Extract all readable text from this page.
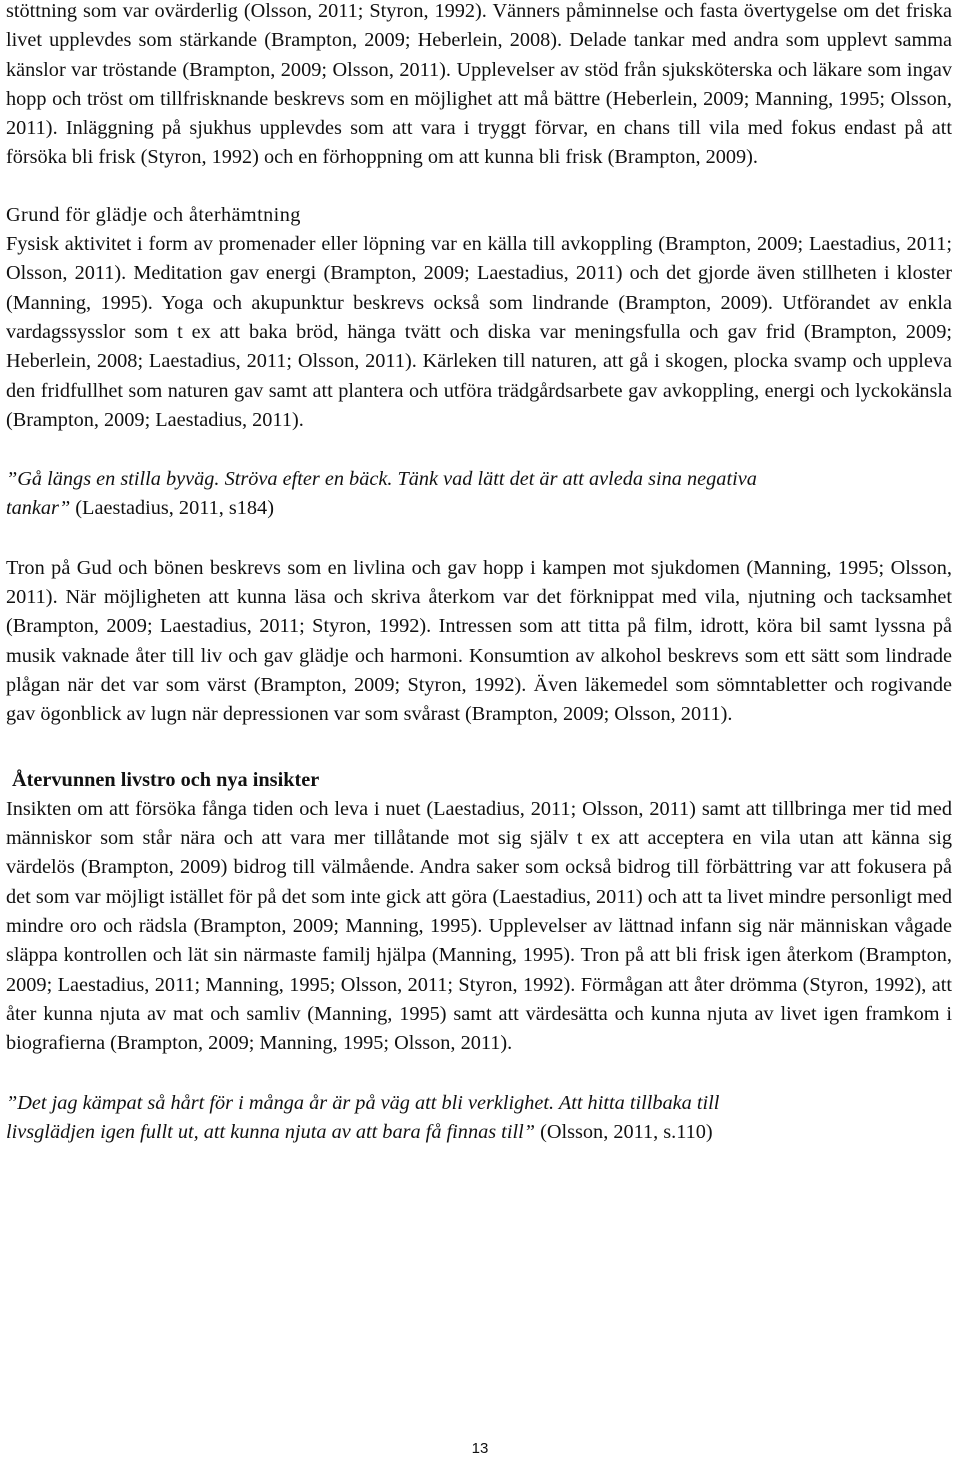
stöttning som var ovärderlig (Olsson, 2011; Styron, 1992). Vänners påminnelse och fasta övertygelse om det friska livet upplevdes som stärkande (Brampton, 2009; Heberlein, 2008). Delade tankar med andra som upplevt samma känslor var tröstande (Brampton, 2009; Olsson, 2011). Upplevelser av stöd från sjuksköterska och läkare som ingav hopp och tröst om tillfrisknande beskrevs som en möjlighet att må bättre (Heberlein, 2009; Manning, 1995; Olsson, 2011). Inläggning på sjukhus upplevdes som att vara i tryggt förvar, en chans till vila med fokus endast på att försöka bli frisk (Styron, 1992) och en förhoppning om att kunna bli frisk (Brampton, 2009).

Grund för glädje och återhämtning

Fysisk aktivitet i form av promenader eller löpning var en källa till avkoppling (Brampton, 2009; Laestadius, 2011; Olsson, 2011). Meditation gav energi (Brampton, 2009; Laestadius, 2011) och det gjorde även stillheten i kloster (Manning, 1995). Yoga och akupunktur beskrevs också som lindrande (Brampton, 2009). Utförandet av enkla vardagssysslor som t ex att baka bröd, hänga tvätt och diska var meningsfulla och gav frid (Brampton, 2009; Heberlein, 2008; Laestadius, 2011; Olsson, 2011). Kärleken till naturen, att gå i skogen, plocka svamp och uppleva den fridfullhet som naturen gav samt att plantera och utföra trädgårdsarbete gav avkoppling, energi och lyckokänsla (Brampton, 2009; Laestadius, 2011).

”Gå längs en stilla byväg. Ströva efter en bäck. Tänk vad lätt det är att avleda sina negativa

tankar” (Laestadius, 2011, s184)

Tron på Gud och bönen beskrevs som en livlina och gav hopp i kampen mot sjukdomen (Manning, 1995; Olsson, 2011). När möjligheten att kunna läsa och skriva återkom var det förknippat med vila, njutning och tacksamhet (Brampton, 2009; Laestadius, 2011; Styron, 1992). Intressen som att titta på film, idrott, köra bil samt lyssna på musik vaknade åter till liv och gav glädje och harmoni. Konsumtion av alkohol beskrevs som ett sätt som lindrade plågan när det var som värst (Brampton, 2009; Styron, 1992). Även läkemedel som sömntabletter och rogivande gav ögonblick av lugn när depressionen var som svårast (Brampton, 2009; Olsson, 2011).

Återvunnen livstro och nya insikter

Insikten om att försöka fånga tiden och leva i nuet (Laestadius, 2011; Olsson, 2011) samt att tillbringa mer tid med människor som står nära och att vara mer tillåtande mot sig själv t ex att acceptera en vila utan att känna sig värdelös (Brampton, 2009) bidrog till välmående. Andra saker som också bidrog till förbättring var att fokusera på det som var möjligt istället för på det som inte gick att göra (Laestadius, 2011) och att ta livet mindre personligt med mindre oro och rädsla (Brampton, 2009; Manning, 1995). Upplevelser av lättnad infann sig när människan vågade släppa kontrollen och lät sin närmaste familj hjälpa (Manning, 1995). Tron på att bli frisk igen återkom (Brampton, 2009; Laestadius, 2011; Manning, 1995; Olsson, 2011; Styron, 1992). Förmågan att åter drömma (Styron, 1992), att åter kunna njuta av mat och samliv (Manning, 1995) samt att värdesätta och kunna njuta av livet igen framkom i biografierna (Brampton, 2009; Manning, 1995; Olsson, 2011).

”Det jag kämpat så hårt för i många år är på väg att bli verklighet. Att hitta tillbaka till

livsglädjen igen fullt ut, att kunna njuta av att bara få finnas till” (Olsson, 2011, s.110)

13
